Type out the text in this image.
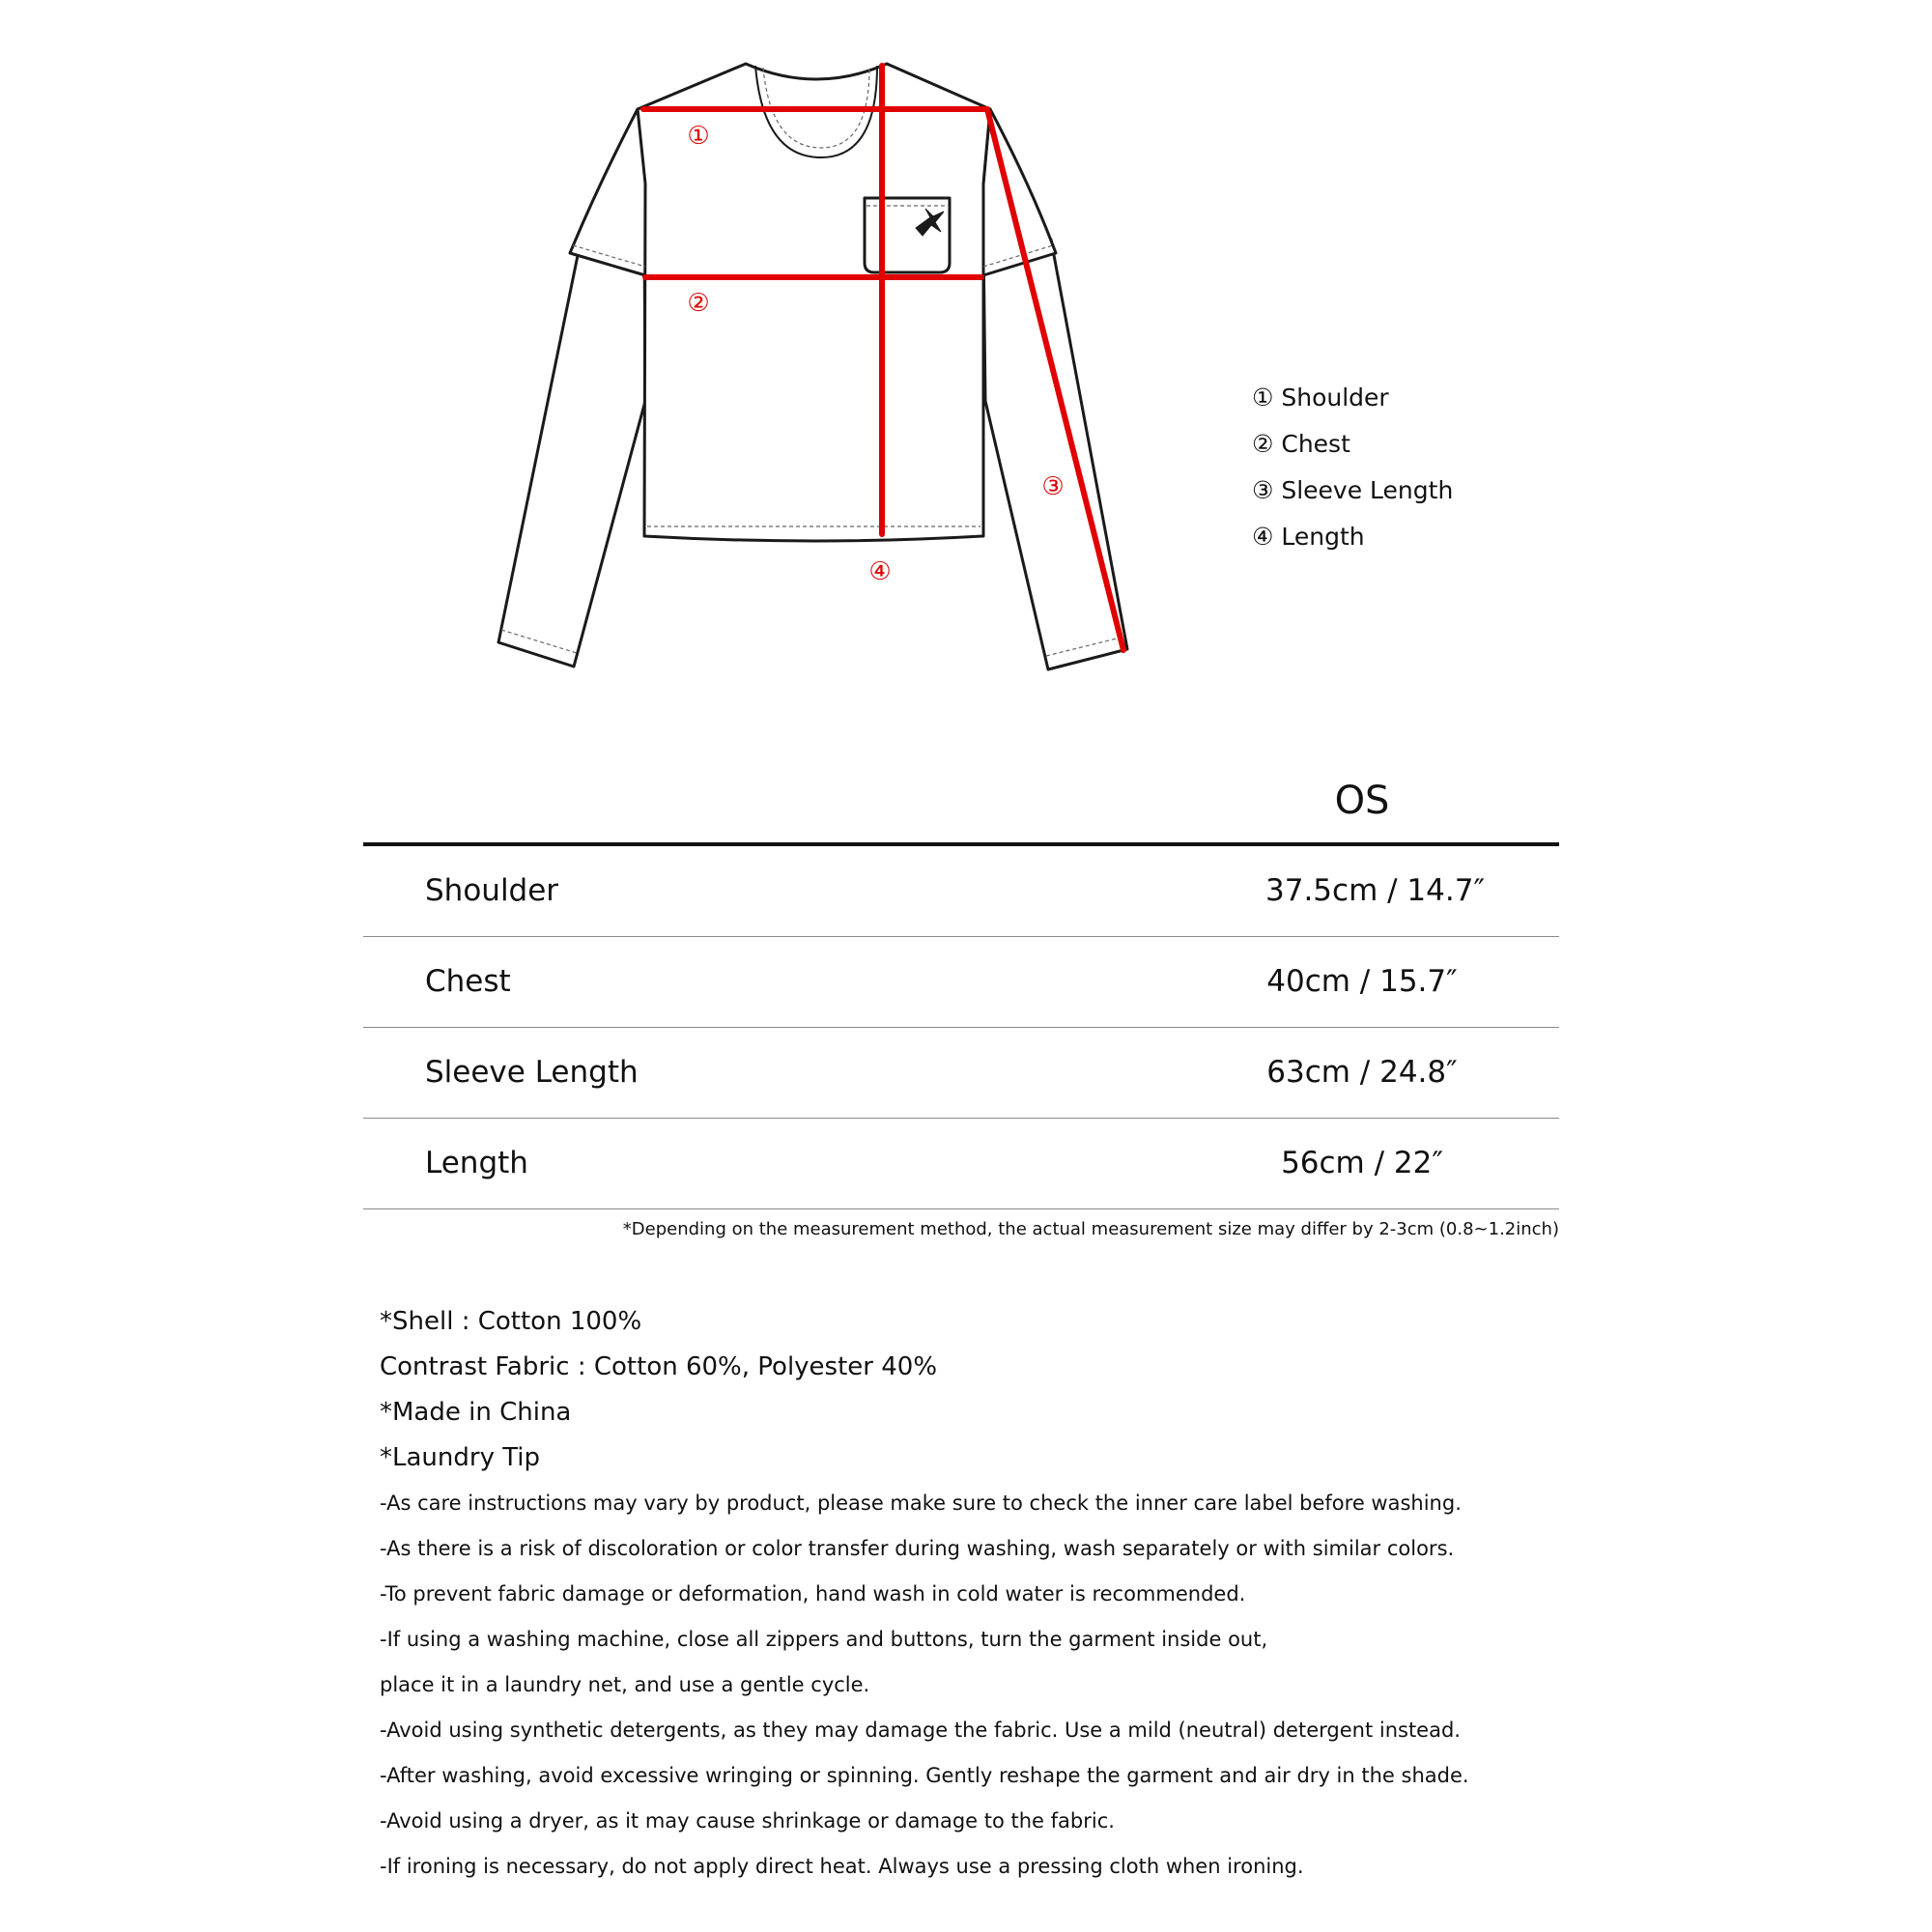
①
②
③
④
① Shoulder
② Chest
③ Sleeve Length
④ Length
OS
Shoulder	37.5cm / 14.7″
Chest	40cm / 15.7″
Sleeve Length	63cm / 24.8″
Length	56cm / 22″
*Depending on the measurement method, the actual measurement size may differ by 2-3cm (0.8~1.2inch)
*Shell : Cotton 100%
Contrast Fabric : Cotton 60%, Polyester 40%
*Made in China
*Laundry Tip
-As care instructions may vary by product, please make sure to check the inner care label before washing.
-As there is a risk of discoloration or color transfer during washing, wash separately or with similar colors.
-To prevent fabric damage or deformation, hand wash in cold water is recommended.
-If using a washing machine, close all zippers and buttons, turn the garment inside out,
place it in a laundry net, and use a gentle cycle.
-Avoid using synthetic detergents, as they may damage the fabric. Use a mild (neutral) detergent instead.
-After washing, avoid excessive wringing or spinning. Gently reshape the garment and air dry in the shade.
-Avoid using a dryer, as it may cause shrinkage or damage to the fabric.
-If ironing is necessary, do not apply direct heat. Always use a pressing cloth when ironing.
